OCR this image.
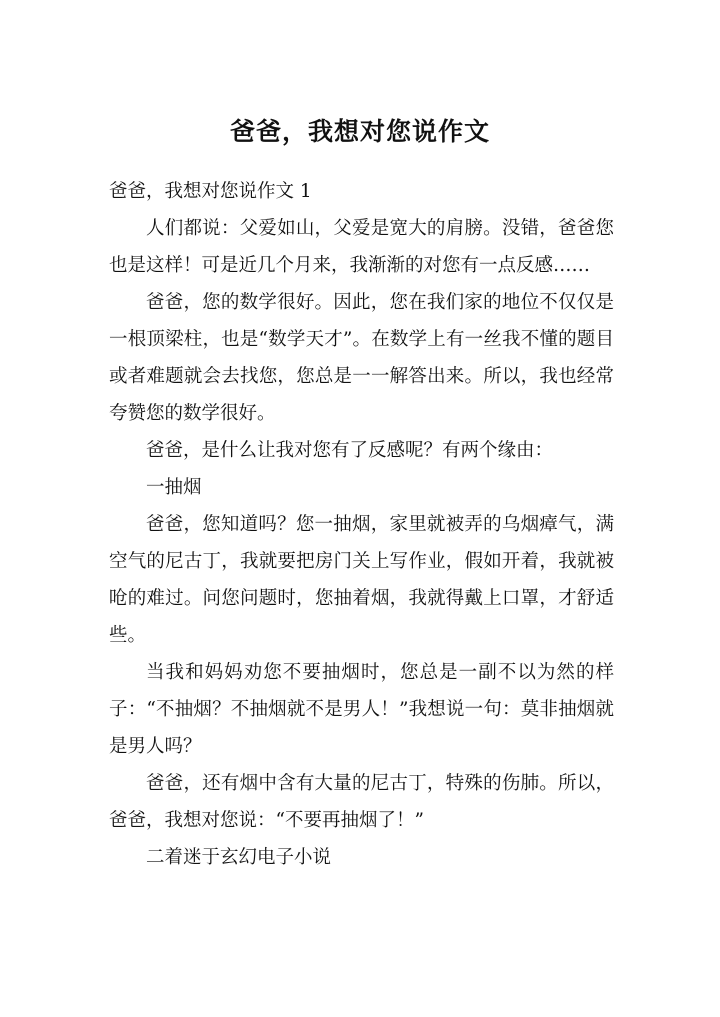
爸爸，我想对您说作文

爸爸，我想对您说作文 1

人们都说：父爱如山，父爱是宽大的肩膀。没错，爸爸您也是这样！可是近几个月来，我渐渐的对您有一点反感……

爸爸，您的数学很好。因此，您在我们家的地位不仅仅是一根顶梁柱，也是“数学天才”。在数学上有一丝我不懂的题目或者难题就会去找您，您总是一一解答出来。所以，我也经常夸赞您的数学很好。

爸爸，是什么让我对您有了反感呢？有两个缘由：

一抽烟

爸爸，您知道吗？您一抽烟，家里就被弄的乌烟瘴气，满空气的尼古丁，我就要把房门关上写作业，假如开着，我就被呛的难过。问您问题时，您抽着烟，我就得戴上口罩，才舒适些。

当我和妈妈劝您不要抽烟时，您总是一副不以为然的样子：“不抽烟？不抽烟就不是男人！”我想说一句：莫非抽烟就是男人吗？

爸爸，还有烟中含有大量的尼古丁，特殊的伤肺。所以，爸爸，我想对您说：“不要再抽烟了！”

二着迷于玄幻电子小说
